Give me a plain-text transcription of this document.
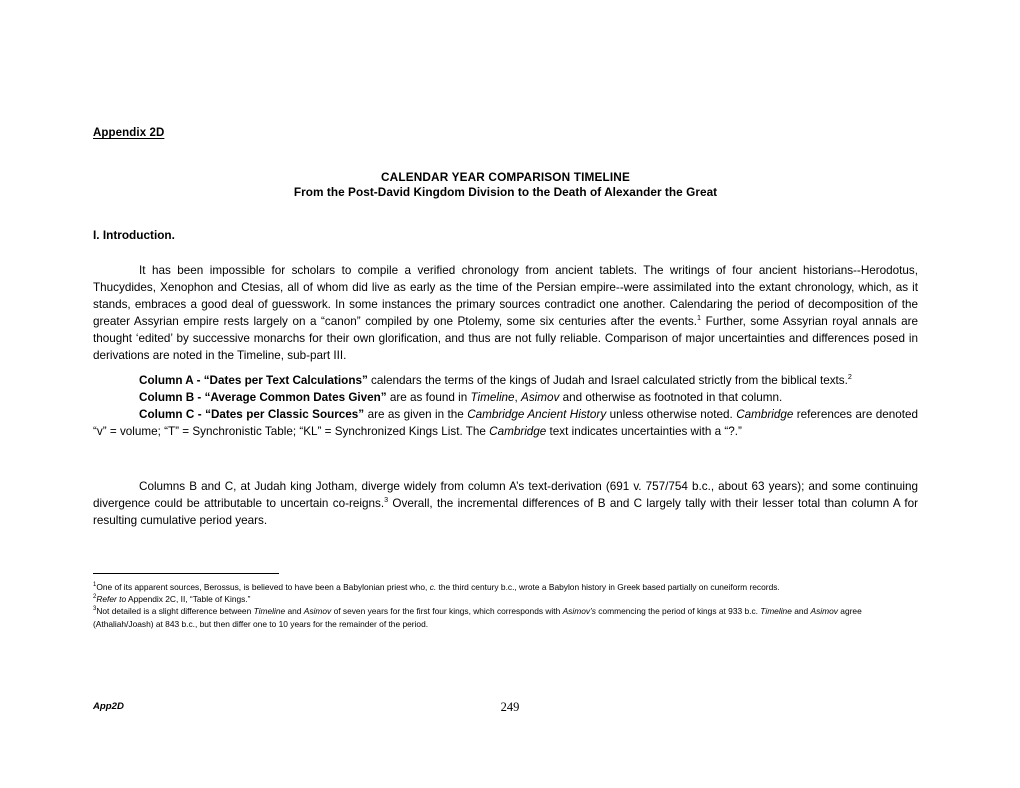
Appendix 2D
CALENDAR YEAR COMPARISON TIMELINE
From the Post-David Kingdom Division to the Death of Alexander the Great
I. Introduction.

It has been impossible for scholars to compile a verified chronology from ancient tablets. The writings of four ancient historians--Herodotus, Thucydides, Xenophon and Ctesias, all of whom did live as early as the time of the Persian empire--were assimilated into the extant chronology, which, as it stands, embraces a good deal of guesswork. In some instances the primary sources contradict one another. Calendaring the period of decomposition of the greater Assyrian empire rests largely on a “canon” compiled by one Ptolemy, some six centuries after the events.$^1$ Further, some Assyrian royal annals are thought ‘edited’ by successive monarchs for their own glorification, and thus are not fully reliable. Comparison of major uncertainties and differences posed in derivations are noted in the Timeline, sub-part III.

Column A - “Dates per Text Calculations” calendars the terms of the kings of Judah and Israel calculated strictly from the biblical texts.$^2$

Column B - “Average Common Dates Given” are as found in Timeline, Asimov and otherwise as footnoted in that column.

Column C - “Dates per Classic Sources” are as given in the Cambridge Ancient History unless otherwise noted. Cambridge references are denoted “v” = volume; “T” = Synchronistic Table; “KL” = Synchronized Kings List. The Cambridge text indicates uncertainties with a “?.”

Columns B and C, at Judah king Jotham, diverge widely from column A’s text-derivation (691 v. 757/754 b.c., about 63 years); and some continuing divergence could be attributable to uncertain co-reigns.$^3$ Overall, the incremental differences of B and C largely tally with their lesser total than column A for resulting cumulative period years.

$^1$One of its apparent sources, Berossus, is believed to have been a Babylonian priest who, c. the third century b.c., wrote a Babylon history in Greek based partially on cuneiform records.

$^2$Refer to Appendix 2C, II, “Table of Kings.”

$^3$Not detailed is a slight difference between Timeline and Asimov of seven years for the first four kings, which corresponds with Asimov’s commencing the period of kings at 933 b.c. Timeline and Asimov agree (Athaliah/Joash) at 843 b.c., but then differ one to 10 years for the remainder of the period.

App2D	249
